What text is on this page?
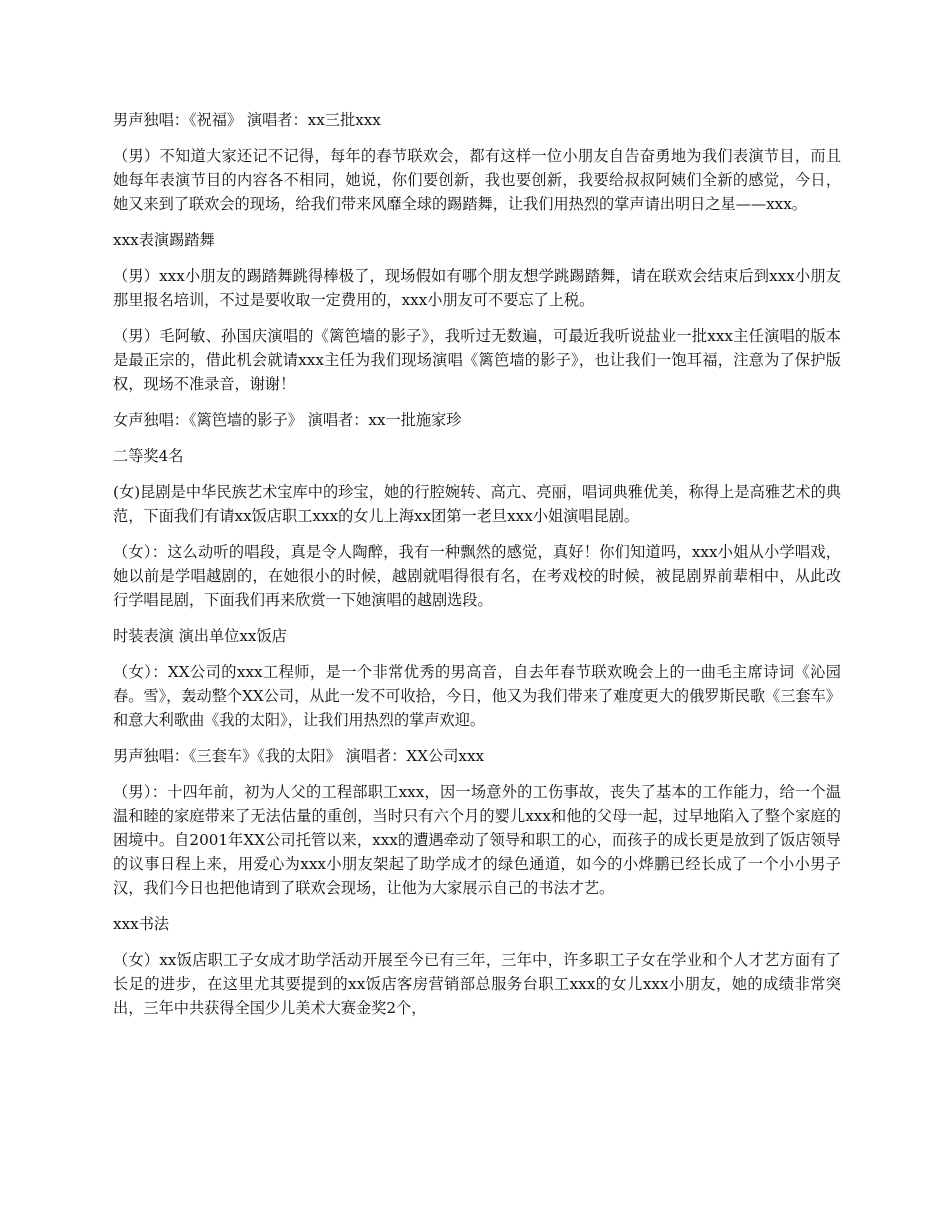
男声独唱：《祝福》 演唱者：xx三批xxx

（男）不知道大家还记不记得，每年的春节联欢会，都有这样一位小朋友自告奋勇地为我们表演节目，而且她每年表演节目的内容各不相同，她说，你们要创新，我也要创新，我要给叔叔阿姨们全新的感觉，今日，她又来到了联欢会的现场，给我们带来风靡全球的踢踏舞，让我们用热烈的掌声请出明日之星——xxx。

xxx表演踢踏舞

（男）xxx小朋友的踢踏舞跳得棒极了，现场假如有哪个朋友想学跳踢踏舞，请在联欢会结束后到xxx小朋友那里报名培训，不过是要收取一定费用的，xxx小朋友可不要忘了上税。

（男）毛阿敏、孙国庆演唱的《篱笆墙的影子》，我听过无数遍，可最近我听说盐业一批xxx主任演唱的版本是最正宗的，借此机会就请xxx主任为我们现场演唱《篱笆墙的影子》，也让我们一饱耳福，注意为了保护版权，现场不准录音，谢谢！

女声独唱：《篱笆墙的影子》 演唱者：xx一批施家珍

二等奖4名

(女)昆剧是中华民族艺术宝库中的珍宝，她的行腔婉转、高亢、亮丽，唱词典雅优美，称得上是高雅艺术的典范，下面我们有请xx饭店职工xxx的女儿上海xx团第一老旦xxx小姐演唱昆剧。

（女）：这么动听的唱段，真是令人陶醉，我有一种飘然的感觉，真好！你们知道吗，xxx小姐从小学唱戏，她以前是学唱越剧的，在她很小的时候，越剧就唱得很有名，在考戏校的时候，被昆剧界前辈相中，从此改行学唱昆剧，下面我们再来欣赏一下她演唱的越剧选段。

时装表演 演出单位xx饭店

（女）：XX公司的xxx工程师，是一个非常优秀的男高音，自去年春节联欢晚会上的一曲毛主席诗词《沁园春。雪》，轰动整个XX公司，从此一发不可收拾，今日，他又为我们带来了难度更大的俄罗斯民歌《三套车》和意大利歌曲《我的太阳》，让我们用热烈的掌声欢迎。

男声独唱：《三套车》《我的太阳》 演唱者：XX公司xxx

（男）：十四年前，初为人父的工程部职工xxx，因一场意外的工伤事故，丧失了基本的工作能力，给一个温温和睦的家庭带来了无法估量的重创，当时只有六个月的婴儿xxx和他的父母一起，过早地陷入了整个家庭的困境中。自2001年XX公司托管以来，xxx的遭遇牵动了领导和职工的心，而孩子的成长更是放到了饭店领导的议事日程上来，用爱心为xxx小朋友架起了助学成才的绿色通道，如今的小烨鹏已经长成了一个小小男子汉，我们今日也把他请到了联欢会现场，让他为大家展示自己的书法才艺。

xxx书法

（女）xx饭店职工子女成才助学活动开展至今已有三年，三年中，许多职工子女在学业和个人才艺方面有了长足的进步，在这里尤其要提到的xx饭店客房营销部总服务台职工xxx的女儿xxx小朋友，她的成绩非常突出，三年中共获得全国少儿美术大赛金奖2个，
